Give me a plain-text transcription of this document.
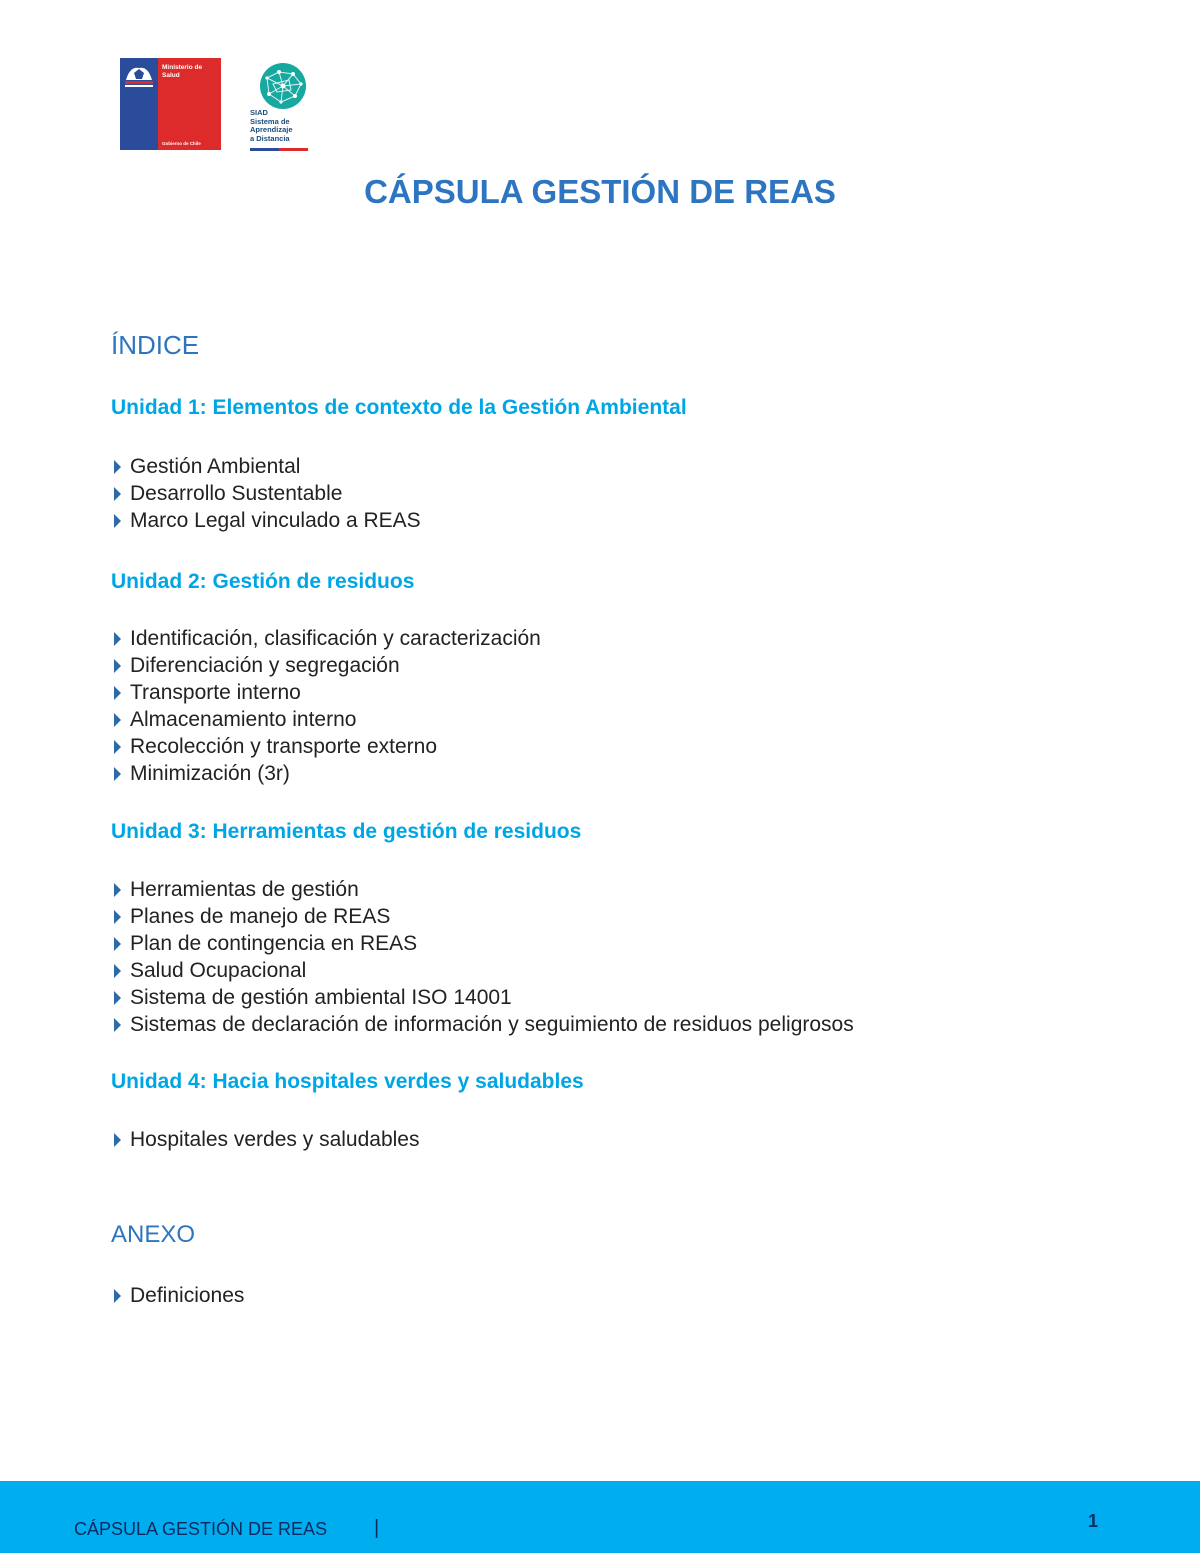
Ministerio de Salud
Gobierno de Chile
SIAD
Sistema de
Aprendizaje
a Distancia
CÁPSULA GESTIÓN DE REAS
ÍNDICE
Unidad 1: Elementos de contexto de la Gestión Ambiental
Gestión Ambiental
Desarrollo Sustentable
Marco Legal vinculado a REAS
Unidad 2: Gestión de residuos
Identificación, clasificación y caracterización
Diferenciación y segregación
Transporte interno
Almacenamiento interno
Recolección y transporte externo
Minimización (3r)
Unidad 3: Herramientas de gestión de residuos
Herramientas de gestión
Planes de manejo de REAS
Plan de contingencia en REAS
Salud Ocupacional
Sistema de gestión ambiental ISO 14001
Sistemas de declaración de información y seguimiento de residuos peligrosos
Unidad 4: Hacia hospitales verdes y saludables
Hospitales verdes y saludables
ANEXO
Definiciones
CÁPSULA GESTIÓN DE REAS |	1
